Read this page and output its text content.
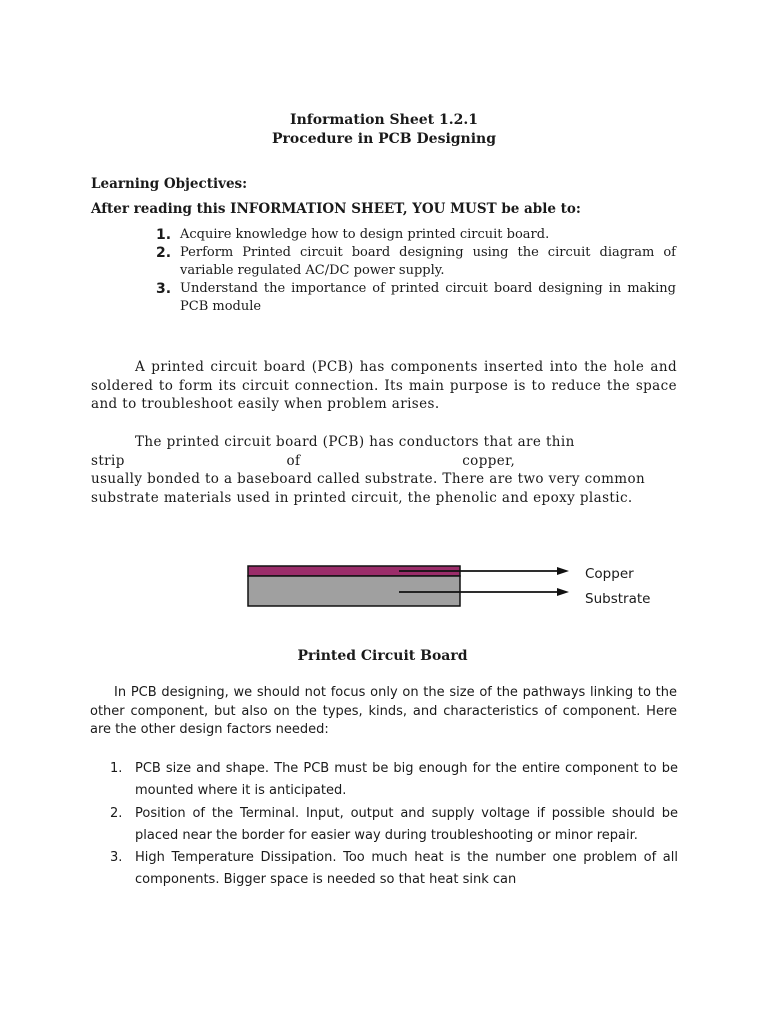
Information Sheet 1.2.1
Procedure in PCB Designing
Learning Objectives:
After reading this INFORMATION SHEET, YOU MUST be able to:
1. Acquire knowledge how to design printed circuit board.
2. Perform Printed circuit board designing using the circuit diagram of variable regulated AC/DC power supply.
3. Understand the importance of printed circuit board designing in making PCB module

A printed circuit board (PCB) has components inserted into the hole and soldered to form its circuit connection. Its main purpose is to reduce the space and to troubleshoot easily when problem arises.

The printed circuit board (PCB) has conductors that are thin
strip	of	copper,
usually bonded to a baseboard called substrate. There are two very common
substrate materials used in printed circuit, the phenolic and epoxy plastic.
Copper
Substrate
Printed Circuit Board

In PCB designing, we should not focus only on the size of the pathways linking to the other component, but also on the types, kinds, and characteristics of component. Here are the other design factors needed:

1. PCB size and shape. The PCB must be big enough for the entire component to be mounted where it is anticipated.
2. Position of the Terminal. Input, output and supply voltage if possible should be placed near the border for easier way during troubleshooting or minor repair.
3. High Temperature Dissipation. Too much heat is the number one problem of all components. Bigger space is needed so that heat sink can
